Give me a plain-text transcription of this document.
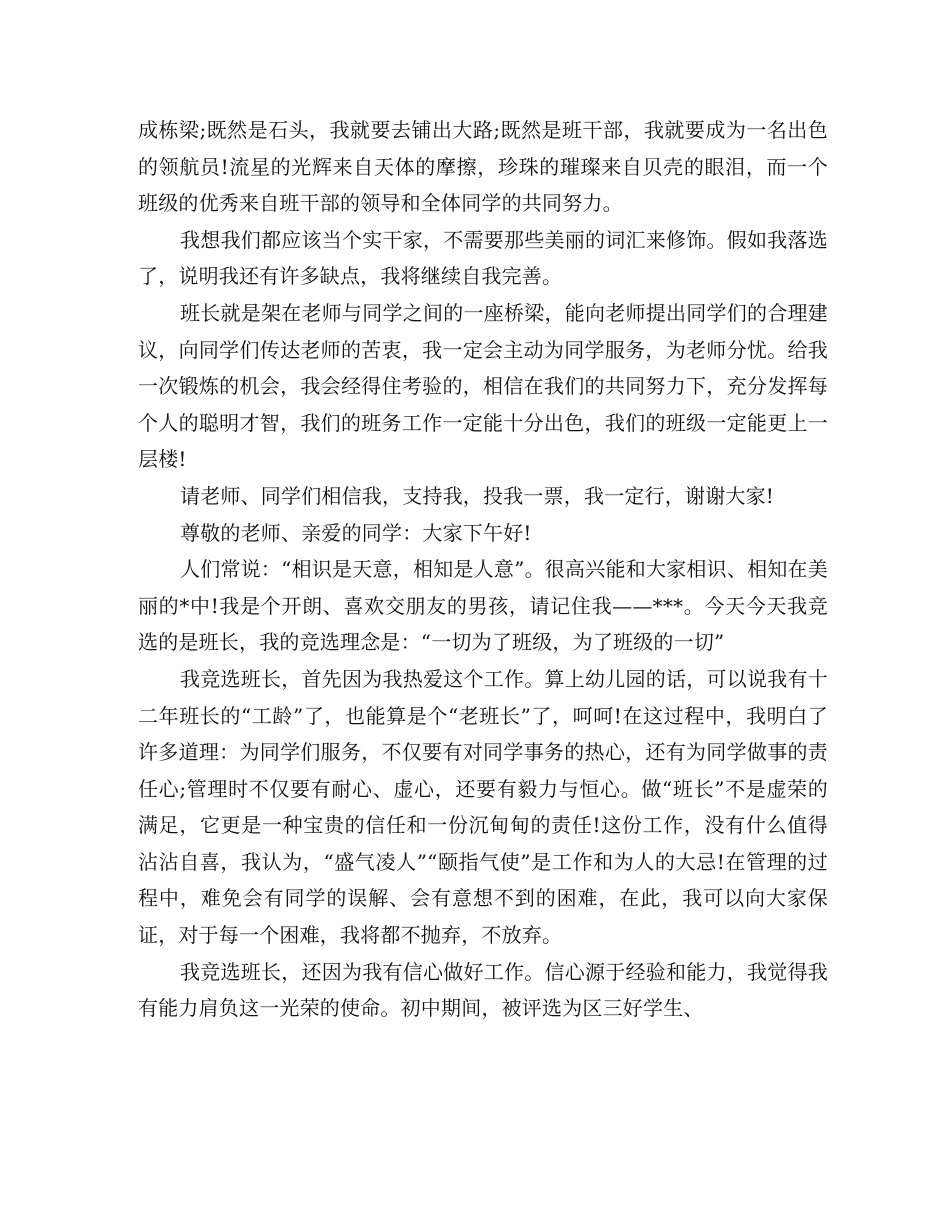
成栋梁;既然是石头，我就要去铺出大路;既然是班干部，我就要成为一名出色的领航员!流星的光辉来自天体的摩擦，珍珠的璀璨来自贝壳的眼泪，而一个班级的优秀来自班干部的领导和全体同学的共同努力。

我想我们都应该当个实干家，不需要那些美丽的词汇来修饰。假如我落选了，说明我还有许多缺点，我将继续自我完善。

班长就是架在老师与同学之间的一座桥梁，能向老师提出同学们的合理建议，向同学们传达老师的苦衷，我一定会主动为同学服务，为老师分忧。给我一次锻炼的机会，我会经得住考验的，相信在我们的共同努力下，充分发挥每个人的聪明才智，我们的班务工作一定能十分出色，我们的班级一定能更上一层楼!

请老师、同学们相信我，支持我，投我一票，我一定行，谢谢大家!

尊敬的老师、亲爱的同学：大家下午好!

人们常说：“相识是天意，相知是人意”。很高兴能和大家相识、相知在美丽的*中!我是个开朗、喜欢交朋友的男孩，请记住我——***。今天今天我竞选的是班长，我的竞选理念是：“一切为了班级，为了班级的一切”

我竞选班长，首先因为我热爱这个工作。算上幼儿园的话，可以说我有十二年班长的“工龄”了，也能算是个“老班长”了，呵呵!在这过程中，我明白了许多道理：为同学们服务，不仅要有对同学事务的热心，还有为同学做事的责任心;管理时不仅要有耐心、虚心，还要有毅力与恒心。做“班长”不是虚荣的满足，它更是一种宝贵的信任和一份沉甸甸的责任!这份工作，没有什么值得沾沾自喜，我认为，“盛气凌人”“颐指气使”是工作和为人的大忌!在管理的过程中，难免会有同学的误解、会有意想不到的困难，在此，我可以向大家保证，对于每一个困难，我将都不抛弃，不放弃。

我竞选班长，还因为我有信心做好工作。信心源于经验和能力，我觉得我有能力肩负这一光荣的使命。初中期间，被评选为区三好学生、
